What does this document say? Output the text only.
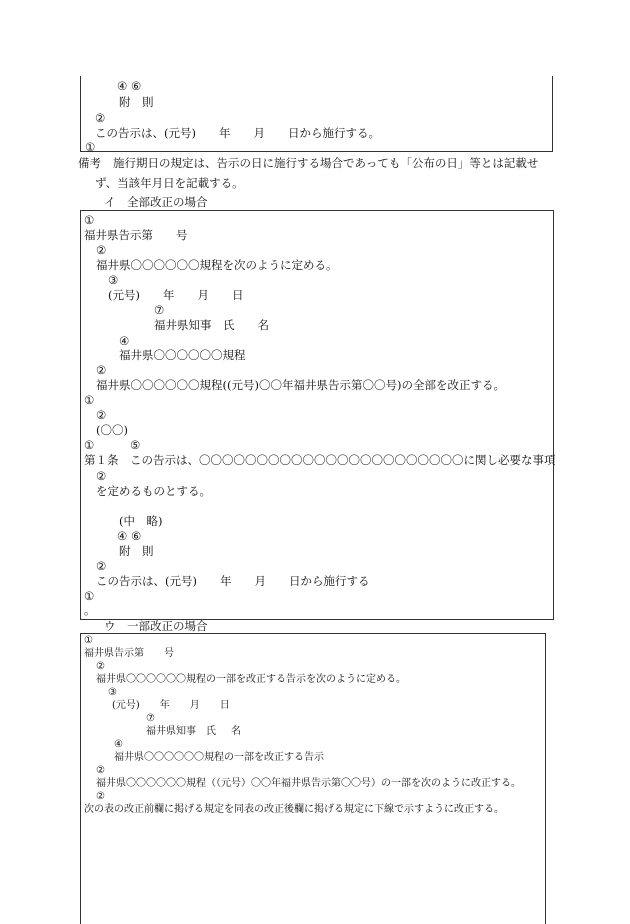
④ ⑥
附　則
②
この告示は、(元号)　　年　　月　　日から施行する。
①
備考 施行期日の規定は、告示の日に施行する場合であっても「公布の日」等とは記載せ
ず、当該年月日を記載する。
イ　全部改正の場合
①
福井県告示第　　号
②
福井県〇〇〇〇〇〇規程を次のように定める。
③
(元号)　　年　　月　　日
⑦
福井県知事　氏　　名
④
福井県〇〇〇〇〇〇規程
②
福井県〇〇〇〇〇〇規程((元号)〇〇年福井県告示第〇〇号)の全部を改正する。
①
②
(〇〇)
①	⑤
第１条　この告示は、〇〇〇〇〇〇〇〇〇〇〇〇〇〇〇〇〇〇〇〇〇〇〇に関し必要な事項
②
を定めるものとする。
(中　略)
④ ⑥
附　則
②
この告示は、(元号)　　年　　月　　日から施行する
①
。
ウ　一部改正の場合
①
福井県告示第　　号
②
福井県〇〇〇〇〇〇規程の一部を改正する告示を次のように定める。
③
(元号)　　年　　月　　日
⑦
福井県知事　氏 名
④
福井県〇〇〇〇〇〇規程の一部を改正する告示
②
福井県〇〇〇〇〇〇規程（（元号）〇〇年福井県告示第〇〇号）の一部を次のように改正する。
②
次の表の改正前欄に掲げる規定を同表の改正後欄に掲げる規定に下線で示すように改正する。
